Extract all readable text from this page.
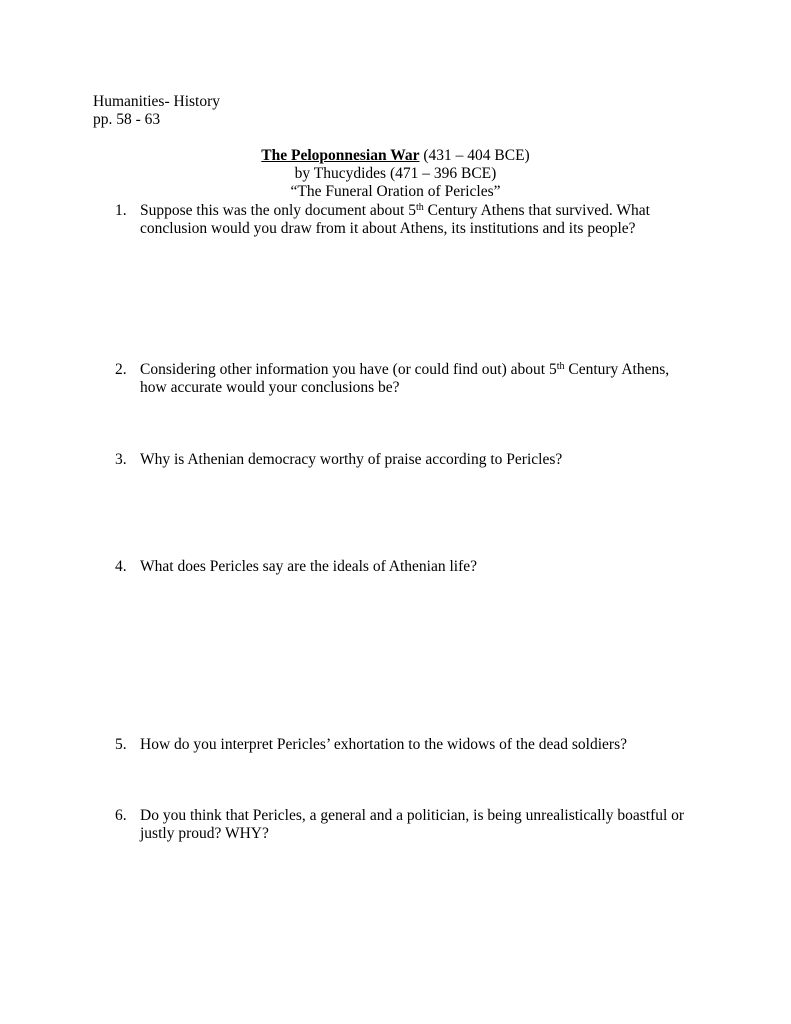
Humanities- History
pp. 58 - 63
The Peloponnesian War (431 – 404 BCE)
by Thucydides (471 – 396 BCE)
“The Funeral Oration of Pericles”
1. Suppose this was the only document about 5th Century Athens that survived. What
conclusion would you draw from it about Athens, its institutions and its people?
2. Considering other information you have (or could find out) about 5th Century Athens,
how accurate would your conclusions be?
3. Why is Athenian democracy worthy of praise according to Pericles?
4. What does Pericles say are the ideals of Athenian life?
5. How do you interpret Pericles’ exhortation to the widows of the dead soldiers?
6. Do you think that Pericles, a general and a politician, is being unrealistically boastful or
justly proud? WHY?
